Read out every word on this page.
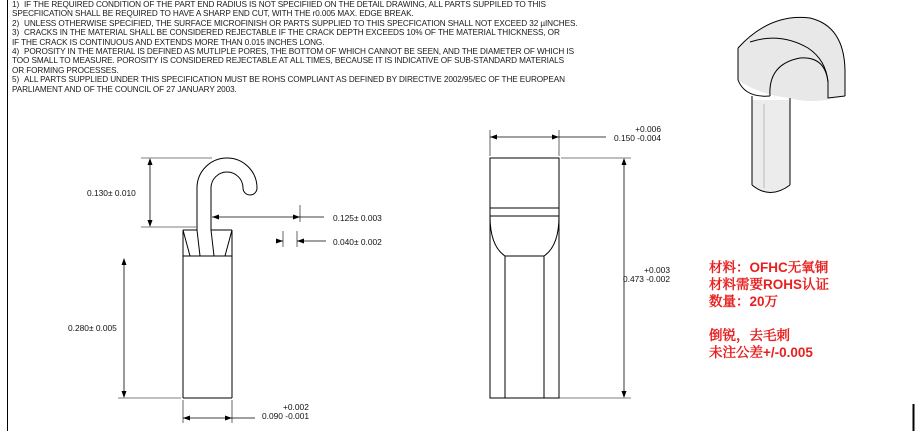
1) IF THE REQUIRED CONDITION OF THE PART END RADIUS IS NOT SPECIFIIED ON THE DETAIL DRAWING, ALL PARTS SUPPILED TO THIS
SPECFIICATION SHALL BE REQUIRED TO HAVE A SHARP END CUT, WITH THE r0.005 MAX. EDGE BREAK.
2) UNLESS OTHERWISE SPECIFIED, THE SURFACE MICROFINISH OR PARTS SUPPLIED TO THIS SPECFICATION SHALL NOT EXCEED 32 µINCHES.
3) CRACKS IN THE MATERIAL SHALL BE CONSIDERED REJECTABLE IF THE CRACK DEPTH EXCEEDS 10% OF THE MATERIAL THICKNESS, OR
IF THE CRACK IS CONTINUOUS AND EXTENDS MORE THAN 0.015 INCHES LONG.
4) POROSITY IN THE MATERIAL IS DEFINED AS MUTLIPLE PORES, THE BOTTOM OF WHICH CANNOT BE SEEN, AND THE DIAMETER OF WHICH IS
TOO SMALL TO MEASURE. POROSITY IS CONSIDERED REJECTABLE AT ALL TIMES, BECAUSE IT IS INDICATIVE OF SUB-STANDARD MATERIALS
OR FORMING PROCESSES.
5) ALL PARTS SUPPLIED UNDER THIS SPECIFICATION MUST BE ROHS COMPLIANT AS DEFINED BY DIRECTIVE 2002/95/EC OF THE EUROPEAN
PARLIAMENT AND OF THE COUNCIL OF 27 JANUARY 2003.
0.130± 0.010
0.125± 0.003
0.040± 0.002
0.280± 0.005
+0.002
0.090 -0.001
+0.006
0.150 -0.004
+0.003
0.473 -0.002
材料：OFHC无氧铜
材料需要ROHS认证
数量：20万
倒锐，去毛刺
未注公差+/-0.005
